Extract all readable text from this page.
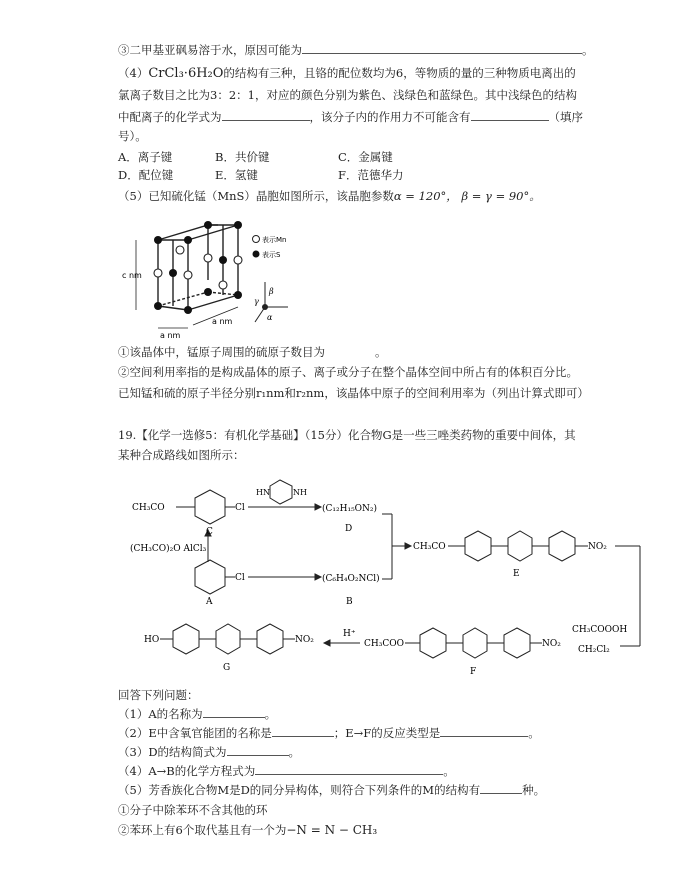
③二甲基亚砜易溶于水，原因可能为	。
（4）CrCl₃·6H₂O的结构有三种，且铬的配位数均为6，等物质的量的三种物质电离出的
氯离子数目之比为3：2：1，对应的颜色分别为紫色、浅绿色和蓝绿色。其中浅绿色的结构
中配离子的化学式为	，该分子内的作用力不可能含有	（填序
号）。
A．离子键	B．共价键	C．金属键
D．配位键	E．氢键	F．范德华力
（5）已知硫化锰（MnS）晶胞如图所示，该晶胞参数α = 120°， β = γ = 90°。
c nm
a nm
a nm
表示Mn
表示S
β
γ
α
①该晶体中，锰原子周围的硫原子数目为	。
②空间利用率指的是构成晶体的原子、离子或分子在整个晶体空间中所占有的体积百分比。
已知锰和硫的原子半径分别r₁nm和r₂nm，该晶体中原子的空间利用率为（列出计算式即可）
19.【化学一选修5：有机化学基础】（15分）化合物G是一些三唑类药物的重要中间体，其
某种合成路线如图所示：
CH₃CO	Cl
C
HN	NH
(C₁₂H₁₅ON₂)
D
(CH₃CO)₂O AlCl₃
Cl
A
(C₆H₄O₂NCl)
B
CH₃CO	NO₂
E
CH₃COOOH
CH₂Cl₂
NO₂
CH₃COO
F
H⁺
HO	NO₂
G
回答下列问题：
（1）A的名称为	。
（2）E中含氧官能团的名称是	；E→F的反应类型是	。
（3）D的结构简式为	。
（4）A→B的化学方程式为	。
（5）芳香族化合物M是D的同分异构体，则符合下列条件的M的结构有	种。
①分子中除苯环不含其他的环
②苯环上有6个取代基且有一个为−N = N − CH₃
